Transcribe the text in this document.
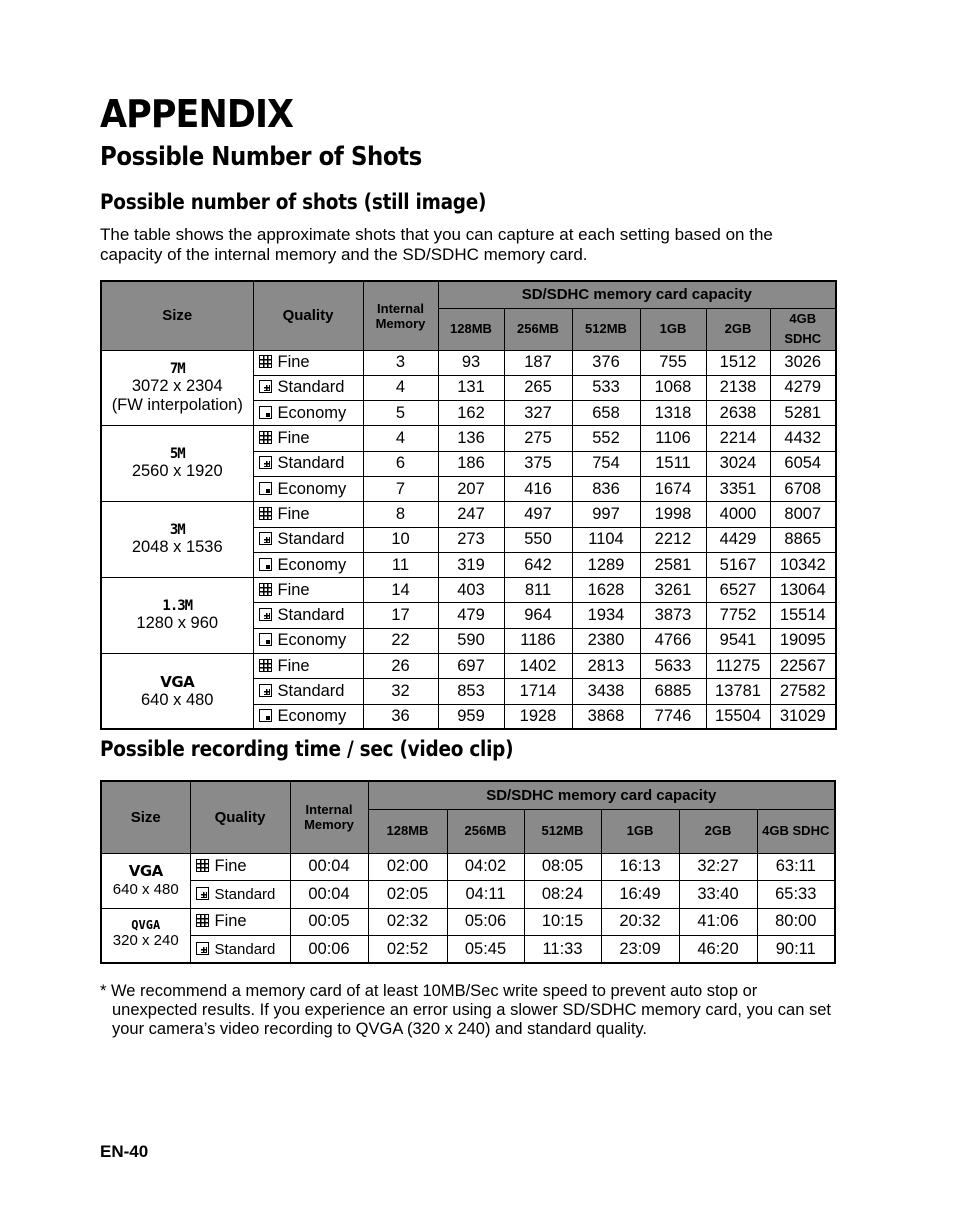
APPENDIX
Possible Number of Shots
Possible number of shots (still image)

The table shows the approximate shots that you can capture at each setting based on the capacity of the internal memory and the SD/SDHC memory card.

Size	Quality	Internal Memory	SD/SDHC memory card capacity					
			128MB	256MB	512MB	1GB	2GB	4GB SDHC

7M
3072 x 2304
(FW interpolation)	Fine	3	93	187	376	755	1512	3026
	Standard	4	131	265	533	1068	2138	4279
	Economy	5	162	327	658	1318	2638	5281

5M
2560 x 1920	Fine	4	136	275	552	1106	2214	4432
	Standard	6	186	375	754	1511	3024	6054
	Economy	7	207	416	836	1674	3351	6708

3M
2048 x 1536	Fine	8	247	497	997	1998	4000	8007
	Standard	10	273	550	1104	2212	4429	8865
	Economy	11	319	642	1289	2581	5167	10342

1.3M
1280 x 960	Fine	14	403	811	1628	3261	6527	13064
	Standard	17	479	964	1934	3873	7752	15514
	Economy	22	590	1186	2380	4766	9541	19095

VGA
640 x 480	Fine	26	697	1402	2813	5633	11275	22567
	Standard	32	853	1714	3438	6885	13781	27582
	Economy	36	959	1928	3868	7746	15504	31029
Possible recording time / sec (video clip)
Size	Quality	Internal Memory	SD/SDHC memory card capacity					
			128MB	256MB	512MB	1GB	2GB	4GB SDHC

VGA
640 x 480	Fine	00:04	02:00	04:02	08:05	16:13	32:27	63:11
	Standard	00:04	02:05	04:11	08:24	16:49	33:40	65:33

QVGA
320 x 240	Fine	00:05	02:32	05:06	10:15	20:32	41:06	80:00
	Standard	00:06	02:52	05:45	11:33	23:09	46:20	90:11

* We recommend a memory card of at least 10MB/Sec write speed to prevent auto stop or unexpected results. If you experience an error using a slower SD/SDHC memory card, you can set your camera’s video recording to QVGA (320 x 240) and standard quality.

EN-40
